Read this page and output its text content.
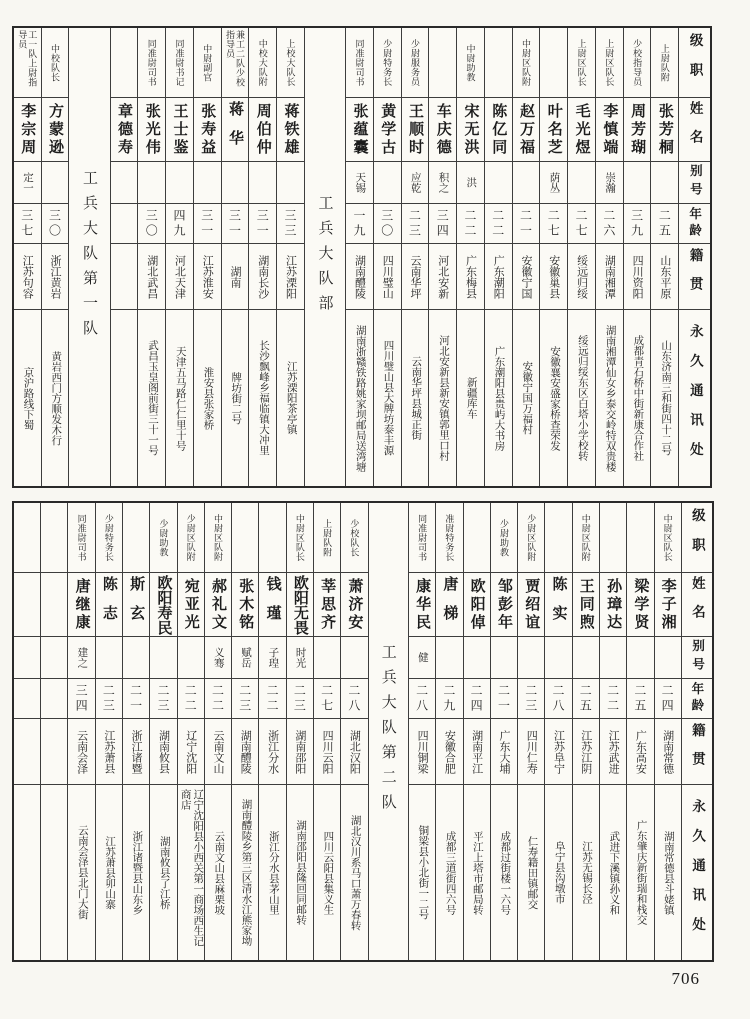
级职
姓名
别号
年龄
籍贯
永久通讯处
上尉队附
张芳桐
二五
山东平原
山东济南三和街四十二号
少校指导员
周芳瑚
三九
四川资阳
成都青石桥中街新康合作社
上尉区队长
李慎端
崇瀚
二六
湖南湘潭
湖南湘潭仙女乡泰交岭特双贵楼
上尉区队长
毛光煜
二七
绥远归绥
绥远归绥东区白塔小学校转
叶名芝
荫丛
二七
安徽巢县
安徽襄安盛家桥查荣发
中尉区队附
赵万福
二一
安徽宁国
安徽宁国万福村
陈亿同
二二
广东潮阳
广东潮阳县贵屿大书房
中尉助教
宋无洪
洪
二二
广东梅县
新疆库车
车庆德
积之
三四
河北安新
河北安新县新安镇郭里口村
少尉服务员
王顺时
应乾
二三
云南华坪
云南华坪县城正街
少尉特务长
黄学古
三〇
四川璧山
四川璧山县大牌坊泰丰源
同准尉司书
张蕴囊
天锡
一九
湖南醴陵
湖南浙赣铁路姚家坝邮局送湾塘
工兵大队部
上校大队长
蒋铁雄
三三
江苏溧阳
江苏溧阳茶亭镇
中校大队附
周伯仲
三一
湖南长沙
长沙飘峰乡福临镇大冲里
兼工二队少校指导员
蒋华
三一
湖南
牌坊街二号
中尉副官
张寿益
三一
江苏淮安
淮安县张家桥
同准尉书记
王士鉴
四九
河北天津
天津五马路仁仁里十号
同准尉司书
张光伟
三〇
湖北武昌
武昌玉皇阁前街三十一号
章德寿
工兵大队第一队
中校队长
方蒙逊
三〇
浙江黄岩
黄岩西门方顺发木行
工一队上尉指导员
李宗周
定一
三七
江苏句容
京沪路线下蜀
级职
姓名
别号
年龄
籍贯
永久通讯处
中尉区队长
李子湘
二四
湖南常德
湖南常德县斗姥镇
梁学贤
二五
广东高安
广东肇庆新街瑞和栈交
孙璋达
二二
江苏武进
武进下溪镇孙义和
中尉区队附
王同煦
二五
江苏江阴
江苏无锡长泾
陈实
二八
江苏阜宁
阜宁县沟墩市
少尉区队附
贾绍谊
二三
四川仁寿
仁寿籍田镇邮交
少尉助教
邹彭年
二一
广东大埔
成都过街楼一六号
欧阳倬
二四
湖南平江
平江上塔市邮局转
准尉特务长
唐梯
二九
安徽合肥
成都三道街四六号
同准尉司书
康华民
健
二八
四川铜梁
铜梁县小北街一二号
工兵大队第二队
少校队长
萧济安
二八
湖北汉阳
湖北汉川系马口萧万春转
上尉队附
莘思齐
二七
四川云阳
四川云阳县集义生
中尉区队长
欧阳无畏
时光
二三
湖南邵阳
湖南邵阳县隆回同邮转
钱瑾
子瑝
二二
浙江分水
浙江分水县茅山里
张木铭
赋岳
二三
湖南醴陵
湖南醴陵乡第三区清水江熊家坳
中尉区队附
郝礼文
义骞
二二
云南文山
云南文山县麻栗坡
少尉区队附
宛亚光
二二
辽宁沈阳
辽宁沈阳县小西关第一商场西生记商店
少尉助教
欧阳寿民
二三
湖南攸县
湖南攸县了江桥
斯玄
二一
浙江诸暨
浙江诸暨县山东乡
少尉特务长
陈志
二三
江苏萧县
江苏萧县卯山寨
同准尉司书
唐继康
建之
三四
云南会泽
云南会泽县北门大街
706
